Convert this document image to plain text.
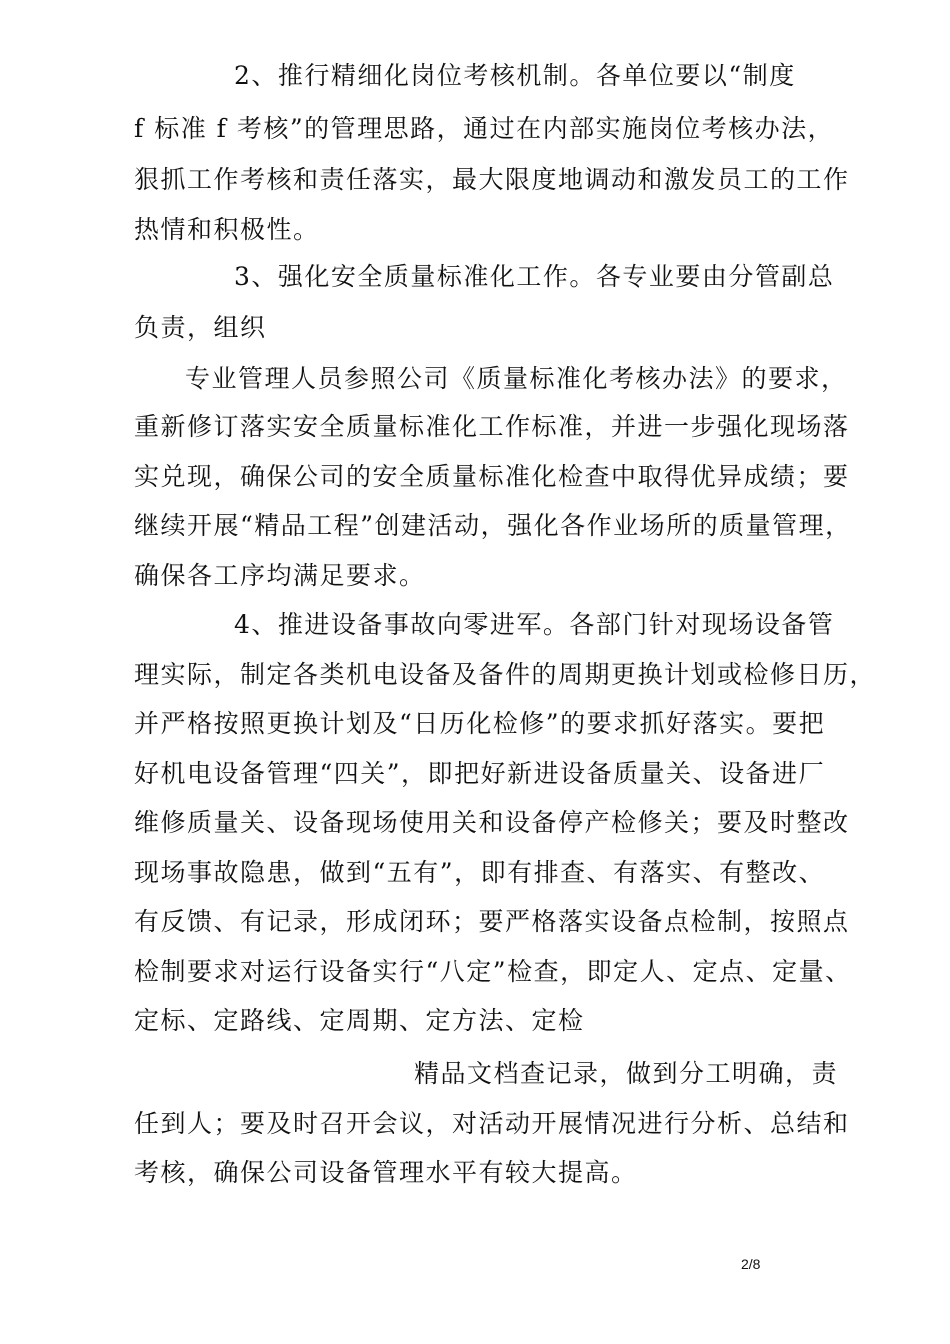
2、推行精细化岗位考核机制。各单位要以“制度
f 标准 f 考核”的管理思路，通过在内部实施岗位考核办法，
狠抓工作考核和责任落实，最大限度地调动和激发员工的工作
热情和积极性。
3、强化安全质量标准化工作。各专业要由分管副总
负责，组织
专业管理人员参照公司《质量标准化考核办法》的要求，
重新修订落实安全质量标准化工作标准，并进一步强化现场落
实兑现，确保公司的安全质量标准化检查中取得优异成绩；要
继续开展“精品工程”创建活动，强化各作业场所的质量管理，
确保各工序均满足要求。
4、推进设备事故向零进军。各部门针对现场设备管
理实际，制定各类机电设备及备件的周期更换计划或检修日历，
并严格按照更换计划及“日历化检修”的要求抓好落实。要把
好机电设备管理“四关”，即把好新进设备质量关、设备进厂
维修质量关、设备现场使用关和设备停产检修关；要及时整改
现场事故隐患，做到“五有”，即有排查、有落实、有整改、
有反馈、有记录，形成闭环；要严格落实设备点检制，按照点
检制要求对运行设备实行“八定”检查，即定人、定点、定量、
定标、定路线、定周期、定方法、定检
精品文档查记录，做到分工明确，责
任到人；要及时召开会议，对活动开展情况进行分析、总结和
考核，确保公司设备管理水平有较大提高。
2/8
